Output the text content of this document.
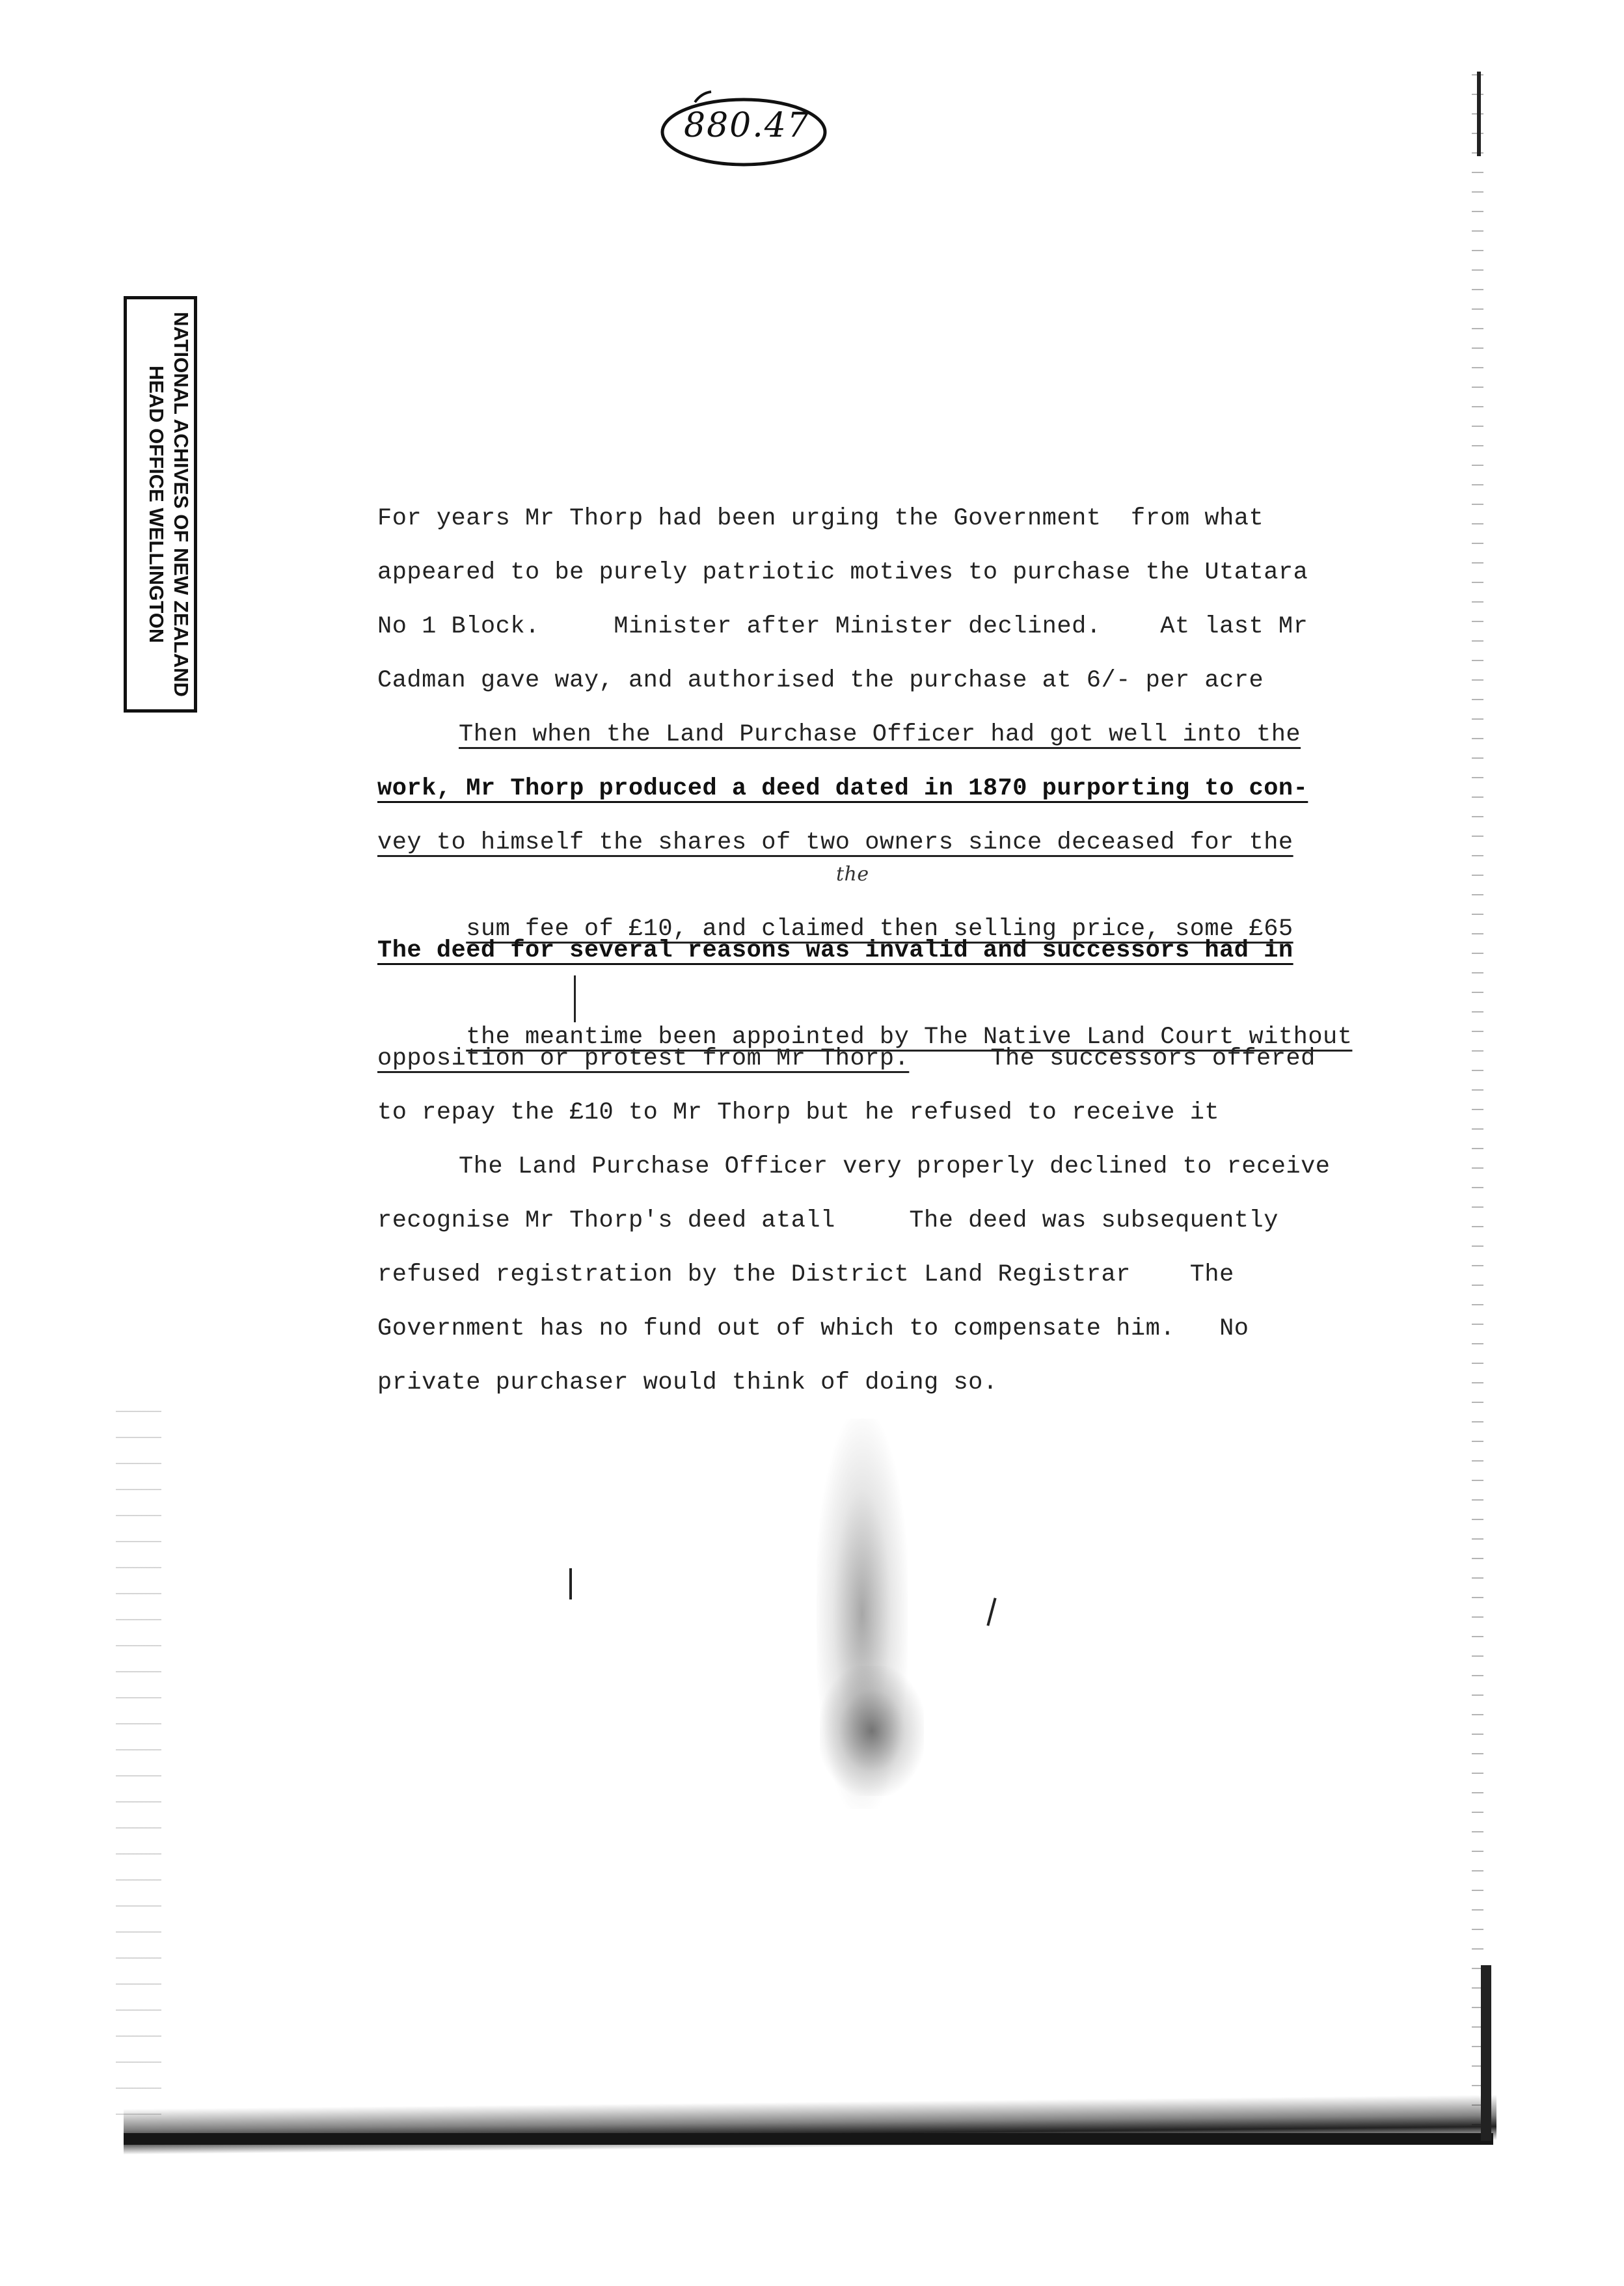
880.47
NATIONAL ACHIVES OF NEW ZEALAND
HEAD OFFICE WELLINGTON	For years Mr Thorp had been urging the Government  from what
appeared to be purely patriotic motives to purchase the Utatara
No 1 Block.     Minister after Minister declined.    At last Mr
Cadman gave way, and authorised the purchase at 6/- per acre
Then when the Land Purchase Officer had got well into the
work, Mr Thorp produced a deed dated in 1870 purporting to con-
vey to himself the shares of two owners since deceased for the

sum fee of £10, and claimed then selling price, some £65

the

The deed for several reasons was invalid and successors had in

the meantime been appointed by The Native Land Court without

opposition or protest from Mr Thorp.	The successors offered
to repay the £10 to Mr Thorp but he refused to receive it
The Land Purchase Officer very properly declined to receive
recognise Mr Thorp's deed atall     The deed was subsequently
refused registration by the District Land Registrar    The
Government has no fund out of which to compensate him.   No
private purchaser would think of doing so.
